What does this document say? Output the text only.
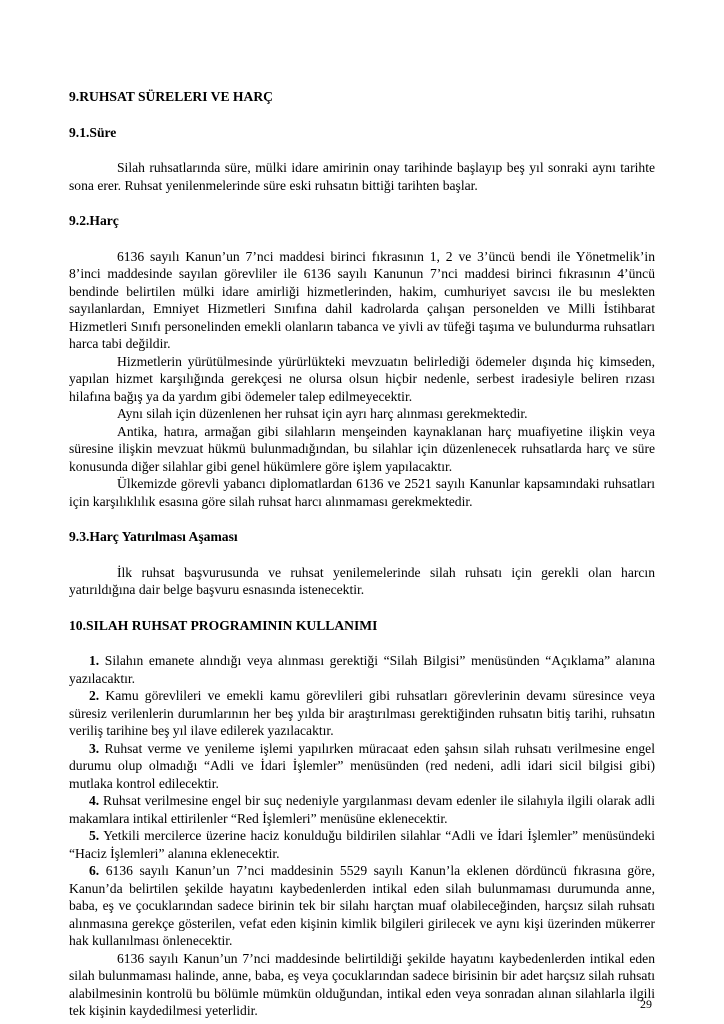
9.RUHSAT SÜRELERI VE HARÇ
9.1.Süre

Silah ruhsatlarında süre, mülki idare amirinin onay tarihinde başlayıp beş yıl sonraki aynı tarihte sona erer. Ruhsat yenilenmelerinde süre eski ruhsatın bittiği tarihten başlar.

9.2.Harç

6136 sayılı Kanun’un 7’nci maddesi birinci fıkrasının 1, 2 ve 3’üncü bendi ile Yönetmelik’in 8’inci maddesinde sayılan görevliler ile 6136 sayılı Kanunun 7’nci maddesi birinci fıkrasının 4’üncü bendinde belirtilen mülki idare amirliği hizmetlerinden, hakim, cumhuriyet savcısı ile bu meslekten sayılanlardan, Emniyet Hizmetleri Sınıfına dahil kadrolarda çalışan personelden ve Milli İstihbarat Hizmetleri Sınıfı personelinden emekli olanların tabanca ve yivli av tüfeği taşıma ve bulundurma ruhsatları harca tabi değildir.

Hizmetlerin yürütülmesinde yürürlükteki mevzuatın belirlediği ödemeler dışında hiç kimseden, yapılan hizmet karşılığında gerekçesi ne olursa olsun hiçbir nedenle, serbest iradesiyle beliren rızası hilafına bağış ya da yardım gibi ödemeler talep edilmeyecektir.

Aynı silah için düzenlenen her ruhsat için ayrı harç alınması gerekmektedir.

Antika, hatıra, armağan gibi silahların menşeinden kaynaklanan harç muafiyetine ilişkin veya süresine ilişkin mevzuat hükmü bulunmadığından, bu silahlar için düzenlenecek ruhsatlarda harç ve süre konusunda diğer silahlar gibi genel hükümlere göre işlem yapılacaktır.

Ülkemizde görevli yabancı diplomatlardan 6136 ve 2521 sayılı Kanunlar kapsamındaki ruhsatları için karşılıklılık esasına göre silah ruhsat harcı alınmaması gerekmektedir.

9.3.Harç Yatırılması Aşaması

İlk ruhsat başvurusunda ve ruhsat yenilemelerinde silah ruhsatı için gerekli olan harcın yatırıldığına dair belge başvuru esnasında istenecektir.

10.SILAH RUHSAT PROGRAMININ KULLANIMI

1. Silahın emanete alındığı veya alınması gerektiği “Silah Bilgisi” menüsünden “Açıklama” alanına yazılacaktır.

2. Kamu görevlileri ve emekli kamu görevlileri gibi ruhsatları görevlerinin devamı süresince veya süresiz verilenlerin durumlarının her beş yılda bir araştırılması gerektiğinden ruhsatın bitiş tarihi, ruhsatın veriliş tarihine beş yıl ilave edilerek yazılacaktır.

3. Ruhsat verme ve yenileme işlemi yapılırken müracaat eden şahsın silah ruhsatı verilmesine engel durumu olup olmadığı “Adli ve İdari İşlemler” menüsünden (red nedeni, adli idari sicil bilgisi gibi) mutlaka kontrol edilecektir.

4. Ruhsat verilmesine engel bir suç nedeniyle yargılanması devam edenler ile silahıyla ilgili olarak adli makamlara intikal ettirilenler “Red İşlemleri” menüsüne eklenecektir.

5. Yetkili mercilerce üzerine haciz konulduğu bildirilen silahlar “Adli ve İdari İşlemler” menüsündeki “Haciz İşlemleri” alanına eklenecektir.

6. 6136 sayılı Kanun’un 7’nci maddesinin 5529 sayılı Kanun’la eklenen dördüncü fıkrasına göre, Kanun’da belirtilen şekilde hayatını kaybedenlerden intikal eden silah bulunmaması durumunda anne, baba, eş ve çocuklarından sadece birinin tek bir silahı harçtan muaf olabileceğinden, harçsız silah ruhsatı alınmasına gerekçe gösterilen, vefat eden kişinin kimlik bilgileri girilecek ve aynı kişi üzerinden mükerrer hak kullanılması önlenecektir.

6136 sayılı Kanun’un 7’nci maddesinde belirtildiği şekilde hayatını kaybedenlerden intikal eden silah bulunmaması halinde, anne, baba, eş veya çocuklarından sadece birisinin bir adet harçsız silah ruhsatı alabilmesinin kontrolü bu bölümle mümkün olduğundan, intikal eden veya sonradan alınan silahlarla ilgili tek kişinin kaydedilmesi yeterlidir.	29
